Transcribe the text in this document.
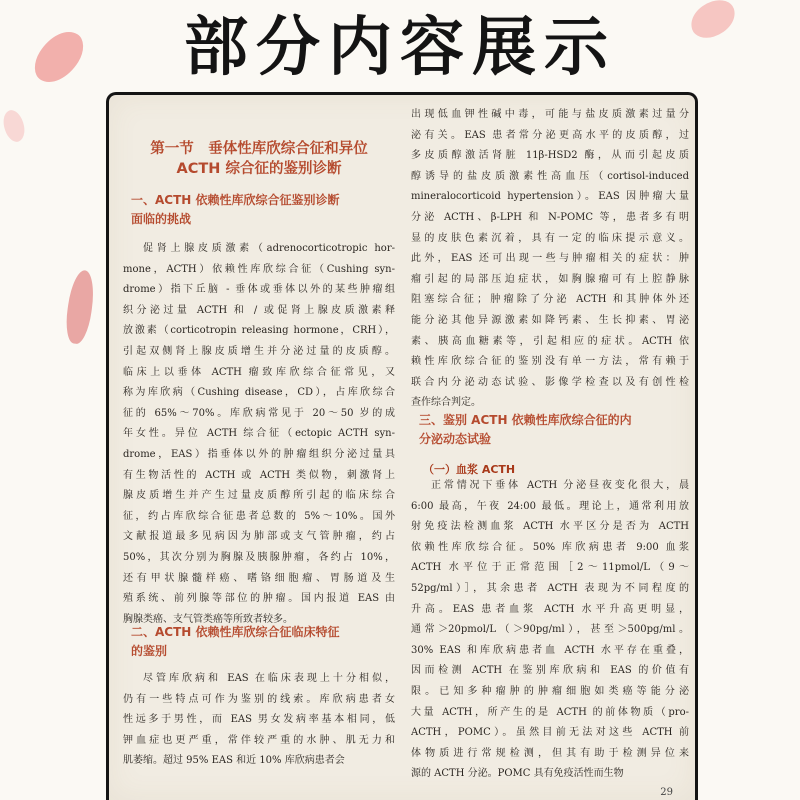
部分内容展示
第一节　垂体性库欣综合征和异位
ACTH 综合征的鉴别诊断
一、ACTH 依赖性库欣综合征鉴别诊断
面临的挑战
促肾上腺皮质激素（adrenocorticotropic hor-
mone，ACTH）依赖性库欣综合征（Cushing syn-
drome）指下丘脑 - 垂体或垂体以外的某些肿瘤组
织分泌过量 ACTH 和 / 或促肾上腺皮质激素释
放激素（corticotropin releasing hormone，CRH），
引起双侧肾上腺皮质增生并分泌过量的皮质醇。
临床上以垂体 ACTH 瘤致库欣综合征常见，又
称为库欣病（Cushing disease，CD），占库欣综合
征的 65%～70%。库欣病常见于 20～50 岁的成
年女性。异位 ACTH 综合征（ectopic ACTH syn-
drome，EAS）指垂体以外的肿瘤组织分泌过量具
有生物活性的 ACTH 或 ACTH 类似物，刺激肾上
腺皮质增生并产生过量皮质醇所引起的临床综合
征，约占库欣综合征患者总数的 5%～10%。国外
文献报道最多见病因为肺部或支气管肿瘤，约占
50%，其次分别为胸腺及胰腺肿瘤，各约占 10%，
还有甲状腺髓样癌、嗜铬细胞瘤、胃肠道及生
殖系统、前列腺等部位的肿瘤。国内报道 EAS 由
胸腺类癌、支气管类癌等所致者较多。
二、ACTH 依赖性库欣综合征临床特征
的鉴别
尽管库欣病和 EAS 在临床表现上十分相似，
仍有一些特点可作为鉴别的线索。库欣病患者女
性远多于男性，而 EAS 男女发病率基本相同，低
钾血症也更严重，常伴较严重的水肿、肌无力和
肌萎缩。超过 95% EAS 和近 10% 库欣病患者会
出现低血钾性碱中毒，可能与盐皮质激素过量分
泌有关。EAS 患者常分泌更高水平的皮质醇，过
多皮质醇激活肾脏 11β-HSD2 酶，从而引起皮质
醇诱导的盐皮质激素性高血压（cortisol-induced
mineralocorticoid hypertension）。EAS 因肿瘤大量
分泌 ACTH、β-LPH 和 N-POMC 等，患者多有明
显的皮肤色素沉着，具有一定的临床提示意义。
此外，EAS 还可出现一些与肿瘤相关的症状：肿
瘤引起的局部压迫症状，如胸腺瘤可有上腔静脉
阻塞综合征；肿瘤除了分泌 ACTH 和其肿体外还
能分泌其他异源激素如降钙素、生长抑素、胃泌
素、胰高血糖素等，引起相应的症状。ACTH 依
赖性库欣综合征的鉴别没有单一方法，常有赖于
联合内分泌动态试验、影像学检查以及有创性检
查作综合判定。
三、鉴别 ACTH 依赖性库欣综合征的内
分泌动态试验
（一）血浆 ACTH
正常情况下垂体 ACTH 分泌昼夜变化很大，晨
6:00 最高，午夜 24:00 最低。理论上，通常利用放
射免疫法检测血浆 ACTH 水平区分是否为 ACTH
依赖性库欣综合征。50% 库欣病患者 9:00 血浆
ACTH 水平位于正常范围［2～11pmol/L（9～
52pg/ml）］，其余患者 ACTH 表现为不同程度的
升高。EAS 患者血浆 ACTH 水平升高更明显，
通常＞20pmol/L（＞90pg/ml），甚至＞500pg/ml。
30% EAS 和库欣病患者血 ACTH 水平存在重叠，
因而检测 ACTH 在鉴别库欣病和 EAS 的价值有
限。已知多种瘤肿的肿瘤细胞如类癌等能分泌
大量 ACTH，所产生的是 ACTH 的前体物质（pro-
ACTH，POMC）。虽然目前无法对这些 ACTH 前
体物质进行常规检测，但其有助于检测异位来
源的 ACTH 分泌。POMC 具有免疫活性而生物
29
